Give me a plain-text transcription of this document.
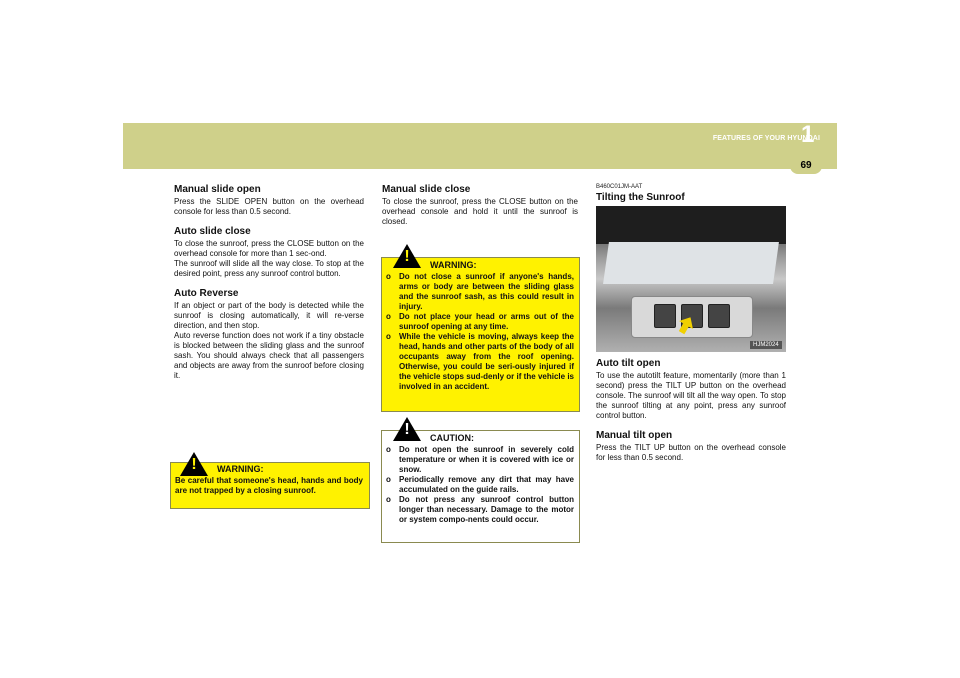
FEATURES OF YOUR HYUNDAI
1
69
Manual slide open

Press the SLIDE OPEN button on the overhead console for less than 0.5 second.

Auto slide close

To close the sunroof, press the CLOSE button on the overhead console for more than 1 sec-ond.

The sunroof will slide all the way close. To stop at the desired point, press any sunroof control button.

Auto Reverse

If an object or part of the body is detected while the sunroof is closing automatically, it will re-verse direction, and then stop.

Auto reverse function does not work if a tiny obstacle is blocked between the sliding glass and the sunroof sash. You should always check that all passengers and objects are away from the sunroof before closing it.

! WARNING:
Be careful that someone's head, hands and body are not trapped by a closing sunroof.
Manual slide close

To close the sunroof, press the CLOSE button on the overhead console and hold it until the sunroof is closed.

! WARNING:
o Do not close a sunroof if anyone's hands, arms or body are between the sliding glass and the sunroof sash, as this could result in injury.
o Do not place your head or arms out of the sunroof opening at any time.
o While the vehicle is moving, always keep the head, hands and other parts of the body of all occupants away from the roof opening. Otherwise, you could be seri-ously injured if the vehicle stops sud-denly or if the vehicle is involved in an accident.
! CAUTION:
o Do not open the sunroof in severely cold temperature or when it is covered with ice or snow.
o Periodically remove any dirt that may have accumulated on the guide rails.
o Do not press any sunroof control button longer than necessary. Damage to the motor or system compo-nents could occur.

B460C01JM-AAT

Tilting the Sunroof
HJM2024
Auto tilt open

To use the autotilt feature, momentarily (more than 1 second) press the TILT UP button on the overhead console. The sunroof will tilt all the way open. To stop the sunroof tilting at any point, press any sunroof control button.

Manual tilt open

Press the TILT UP button on the overhead console for less than 0.5 second.
